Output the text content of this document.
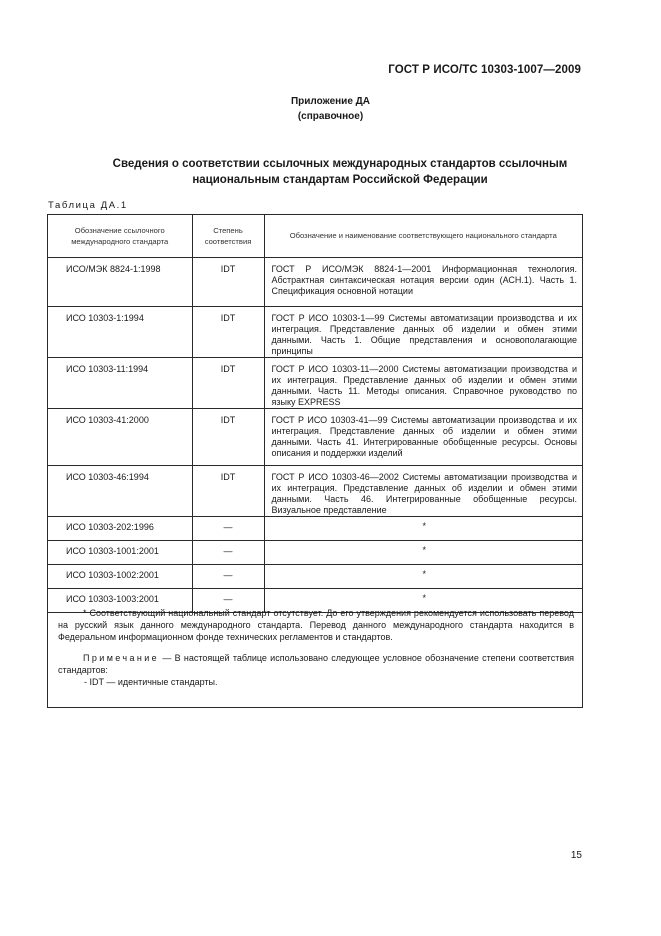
ГОСТ Р ИСО/ТС 10303-1007—2009
Приложение ДА
(справочное)
Сведения о соответствии ссылочных международных стандартов ссылочным
национальным стандартам Российской Федерации
Таблица ДА.1
Обозначение ссылочного международного стандарта	Степень соответствия	Обозначение и наименование соответствующего национального стандарта
ИСО/МЭК 8824-1:1998	IDT	ГОСТ Р ИСО/МЭК 8824-1—2001 Информационная технология. Абстрактная синтаксическая нотация версии один (АСН.1). Часть 1. Спецификация основной нотации
ИСО 10303-1:1994	IDT	ГОСТ Р ИСО 10303-1—99 Системы автоматизации производства и их интеграция. Представление данных об изделии и обмен этими данными. Часть 1. Общие представления и основополагающие принципы
ИСО 10303-11:1994	IDT	ГОСТ Р ИСО 10303-11—2000 Системы автоматизации производства и их интеграция. Представление данных об изделии и обмен этими данными. Часть 11. Методы описания. Справочное руководство по языку EXPRESS
ИСО 10303-41:2000	IDT	ГОСТ Р ИСО 10303-41—99 Системы автоматизации производства и их интеграция. Представление данных об изделии и обмен этими данными. Часть 41. Интегрированные обобщенные ресурсы. Основы описания и поддержки изделий
ИСО 10303-46:1994	IDT	ГОСТ Р ИСО 10303-46—2002 Системы автоматизации производства и их интеграция. Представление данных об изделии и обмен этими данными. Часть 46. Интегрированные обобщенные ресурсы. Визуальное представление
ИСО 10303-202:1996	—	*
ИСО 10303-1001:2001	—	*
ИСО 10303-1002:2001	—	*
ИСО 10303-1003:2001	—	*

* Соответствующий национальный стандарт отсутствует. До его утверждения рекомендуется использовать перевод на русский язык данного международного стандарта. Перевод данного международного стандарта находится в Федеральном информационном фонде технических регламентов и стандартов.

Примечание — В настоящей таблице использовано следующее условное обозначение степени соответствия стандартов:

- IDT — идентичные стандарты.

15
